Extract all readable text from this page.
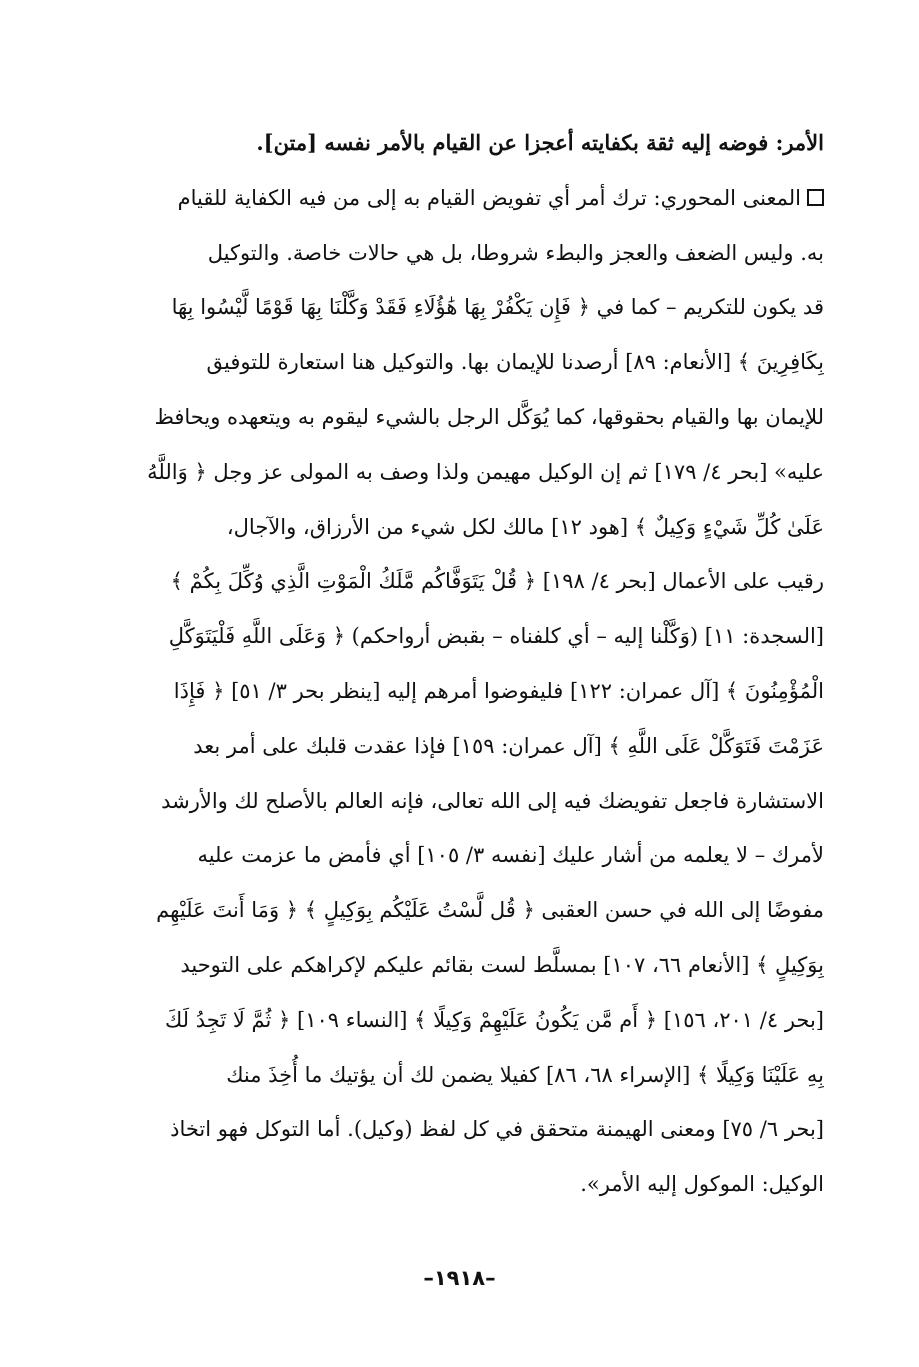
الأمر: فوضه إليه ثقة بكفايته أعجزا عن القيام بالأمر نفسه [متن].
المعنى المحوري: ترك أمر أي تفويض القيام به إلى من فيه الكفاية للقيام
به. وليس الضعف والعجز والبطء شروطا، بل هي حالات خاصة. والتوكيل
قد يكون للتكريم – كما في ﴿ فَإِن يَكْفُرْ بِهَا هَٰؤُلَاءِ فَقَدْ وَكَّلْنَا بِهَا قَوْمًا لَّيْسُوا بِهَا
بِكَافِرِينَ ﴾ [الأنعام: ٨٩] أرصدنا للإيمان بها. والتوكيل هنا استعارة للتوفيق
للإيمان بها والقيام بحقوقها، كما يُوَكَّل الرجل بالشيء ليقوم به ويتعهده ويحافظ
عليه» [بحر ٤/ ١٧٩] ثم إن الوكيل مهيمن ولذا وصف به المولى عز وجل ﴿ وَاللَّهُ
عَلَىٰ كُلِّ شَيْءٍ وَكِيلٌ ﴾ [هود ١٢] مالك لكل شيء من الأرزاق، والآجال،
رقيب على الأعمال [بحر ٤/ ١٩٨] ﴿ قُلْ يَتَوَفَّاكُم مَّلَكُ الْمَوْتِ الَّذِي وُكِّلَ بِكُمْ ﴾
[السجدة: ١١] (وَكَّلْنا إليه – أي كلفناه – بقبض أرواحكم) ﴿ وَعَلَى اللَّهِ فَلْيَتَوَكَّلِ
الْمُؤْمِنُونَ ﴾ [آل عمران: ١٢٢] فليفوضوا أمرهم إليه [ينظر بحر ٣/ ٥١] ﴿ فَإِذَا
عَزَمْتَ فَتَوَكَّلْ عَلَى اللَّهِ ﴾ [آل عمران: ١٥٩] فإذا عقدت قلبك على أمر بعد
الاستشارة فاجعل تفويضك فيه إلى الله تعالى، فإنه العالم بالأصلح لك والأرشد
لأمرك – لا يعلمه من أشار عليك [نفسه ٣/ ١٠٥] أي فأمض ما عزمت عليه
مفوضًا إلى الله في حسن العقبى ﴿ قُل لَّسْتُ عَلَيْكُم بِوَكِيلٍ ﴾ ﴿ وَمَا أَنتَ عَلَيْهِم
بِوَكِيلٍ ﴾ [الأنعام ٦٦، ١٠٧] بمسلَّط لست بقائم عليكم لإكراهكم على التوحيد
[بحر ٤/ ٢٠١، ١٥٦] ﴿ أَم مَّن يَكُونُ عَلَيْهِمْ وَكِيلًا ﴾ [النساء ١٠٩] ﴿ ثُمَّ لَا تَجِدُ لَكَ
بِهِ عَلَيْنَا وَكِيلًا ﴾ [الإسراء ٦٨، ٨٦] كفيلا يضمن لك أن يؤتيك ما أُخِذَ منك
[بحر ٦/ ٧٥] ومعنى الهيمنة متحقق في كل لفظ (وكيل). أما التوكل فهو اتخاذ
الوكيل: الموكول إليه الأمر».
–١٩١٨–
